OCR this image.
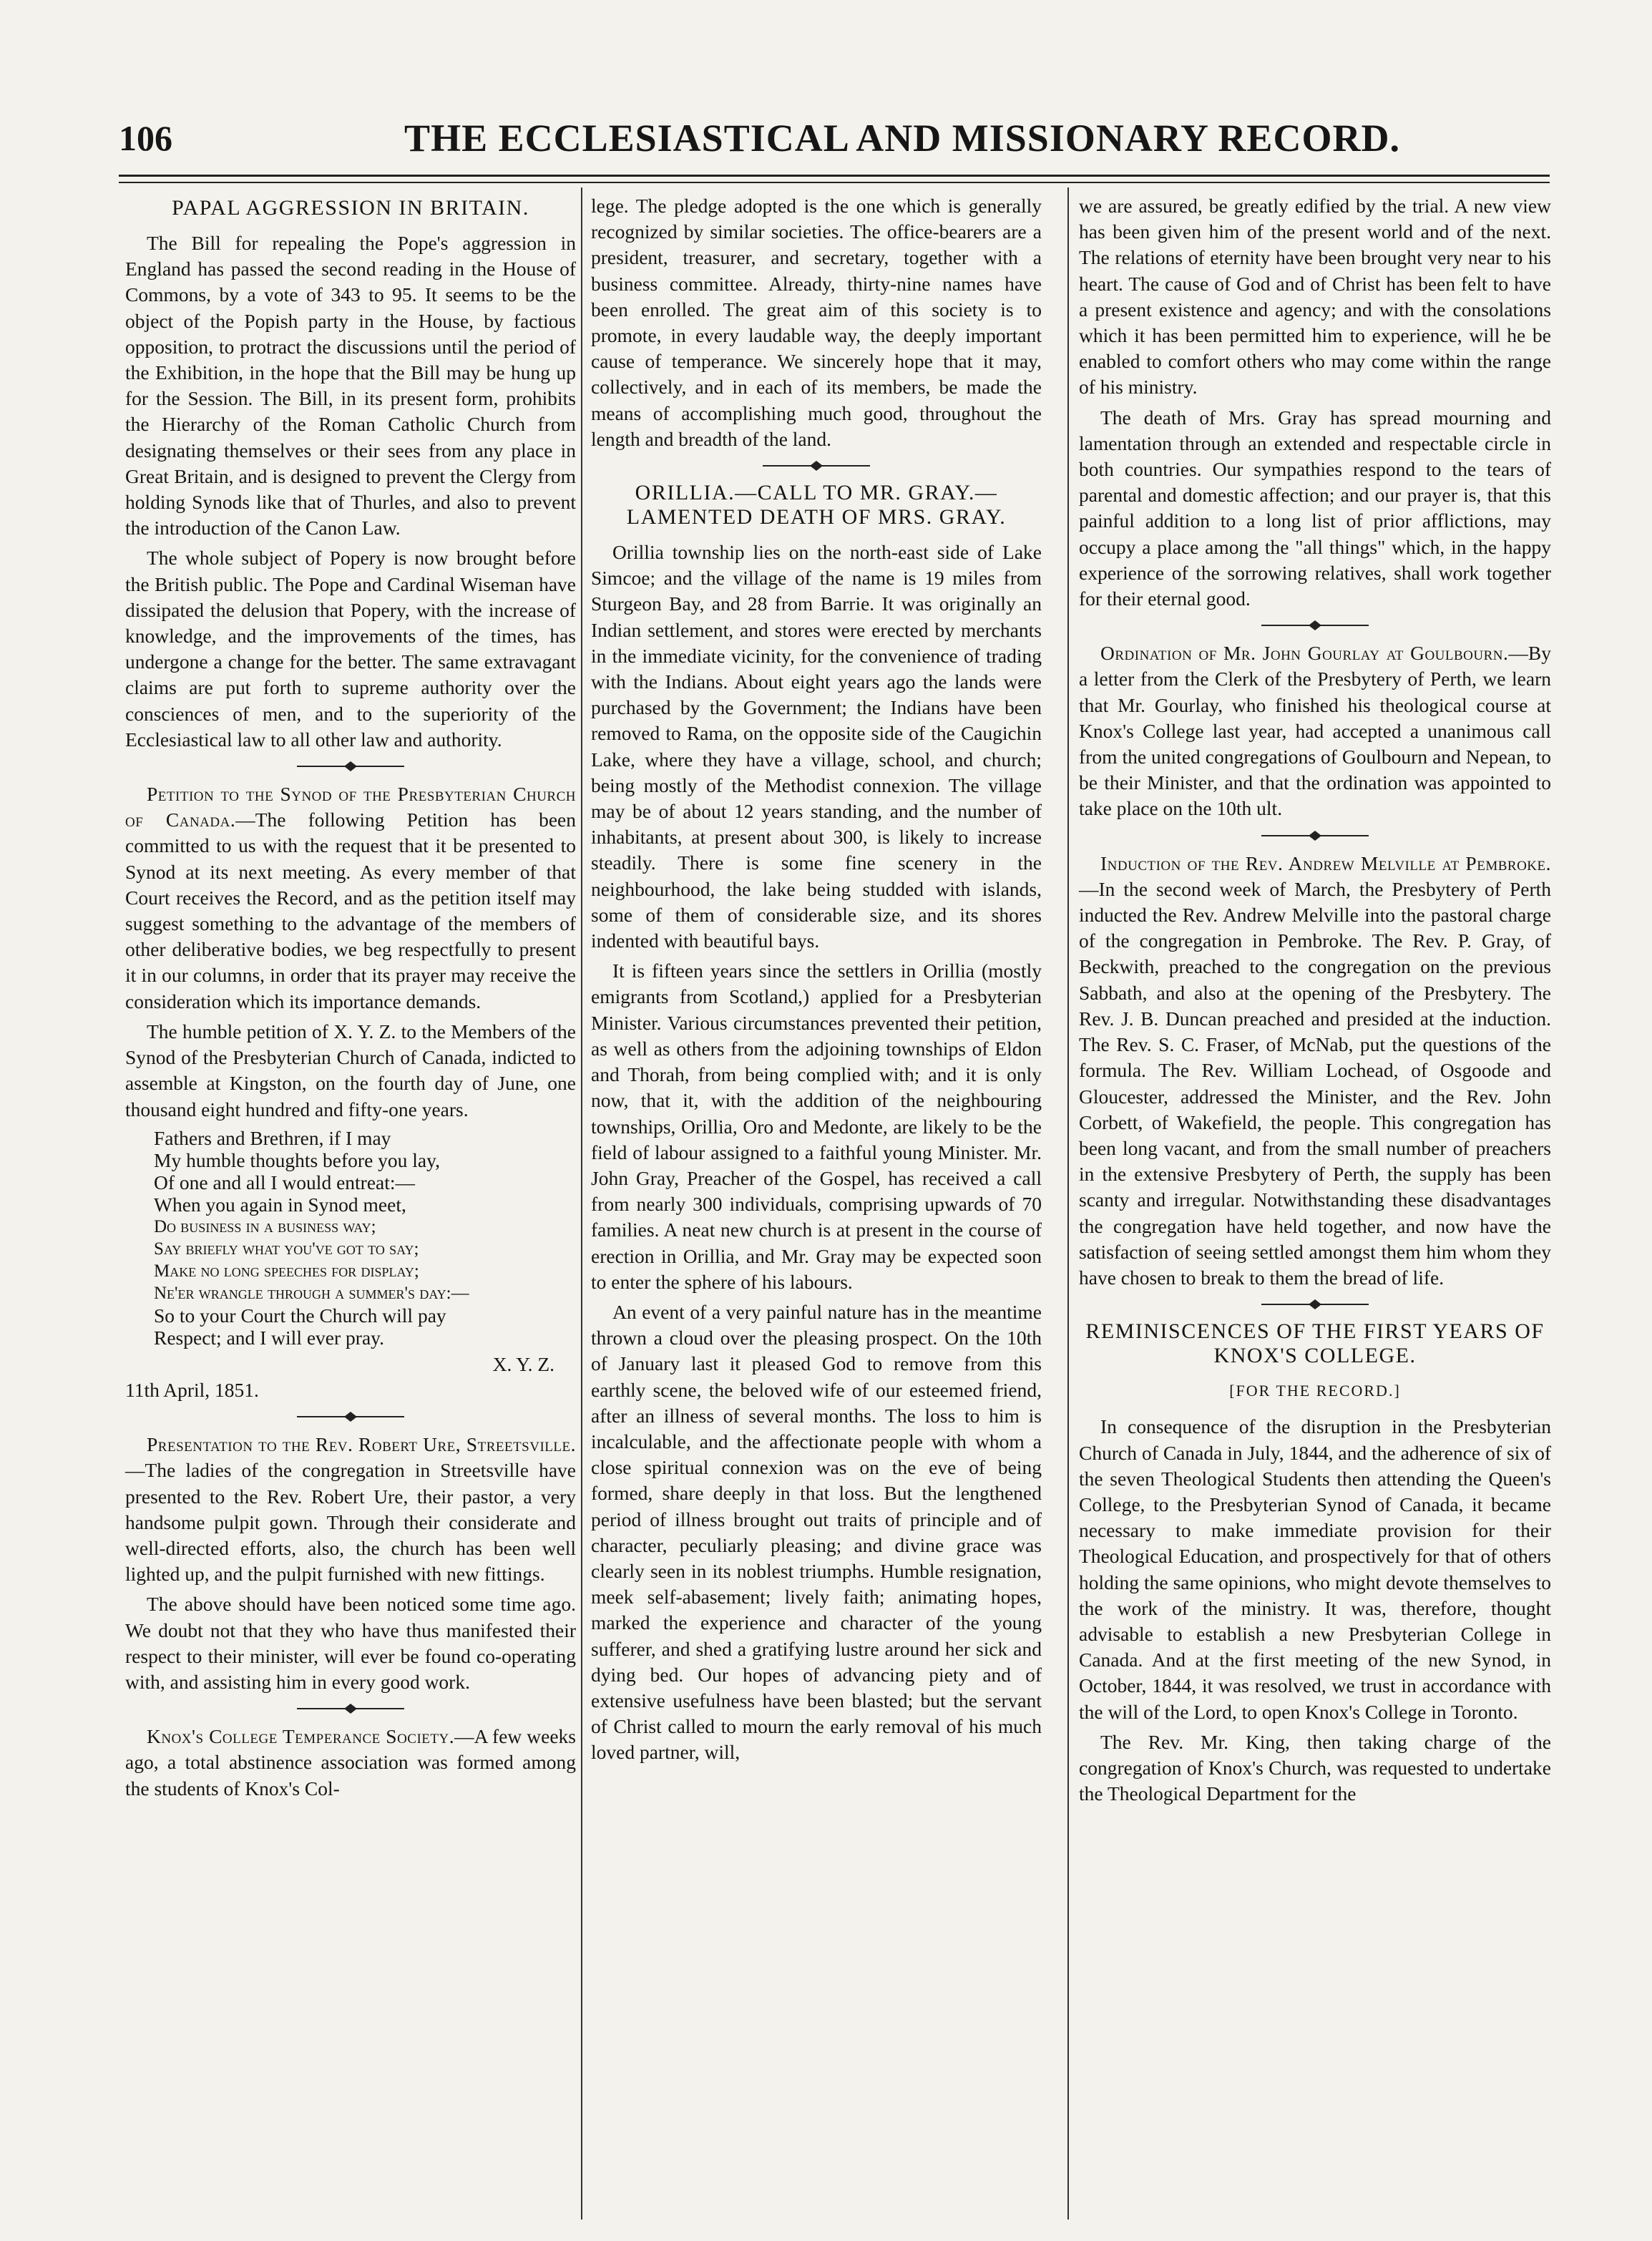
106	THE ECCLESIASTICAL AND MISSIONARY RECORD.
PAPAL AGGRESSION IN BRITAIN.

The Bill for repealing the Pope's aggression in England has passed the second reading in the House of Commons, by a vote of 343 to 95. It seems to be the object of the Popish party in the House, by factious opposition, to protract the discussions until the period of the Exhibition, in the hope that the Bill may be hung up for the Session. The Bill, in its present form, prohibits the Hierarchy of the Roman Catholic Church from designating themselves or their sees from any place in Great Britain, and is designed to prevent the Clergy from holding Synods like that of Thurles, and also to prevent the introduction of the Canon Law.

The whole subject of Popery is now brought before the British public. The Pope and Cardinal Wiseman have dissipated the delusion that Popery, with the increase of knowledge, and the improvements of the times, has undergone a change for the better. The same extravagant claims are put forth to supreme authority over the consciences of men, and to the superiority of the Ecclesiastical law to all other law and authority.

Petition to the Synod of the Presbyterian Church of Canada.—The following Petition has been committed to us with the request that it be presented to Synod at its next meeting. As every member of that Court receives the Record, and as the petition itself may suggest something to the advantage of the members of other deliberative bodies, we beg respectfully to present it in our columns, in order that its prayer may receive the consideration which its importance demands.

The humble petition of X. Y. Z. to the Members of the Synod of the Presbyterian Church of Canada, indicted to assemble at Kingston, on the fourth day of June, one thousand eight hundred and fifty-one years.

Fathers and Brethren, if I may
My humble thoughts before you lay,
Of one and all I would entreat:—
When you again in Synod meet,
Do business in a business way;
Say briefly what you've got to say;
Make no long speeches for display;
Ne'er wrangle through a summer's day:—
So to your Court the Church will pay
Respect; and I will ever pray.
X. Y. Z.
11th April, 1851.

Presentation to the Rev. Robert Ure, Streetsville.—The ladies of the congregation in Streetsville have presented to the Rev. Robert Ure, their pastor, a very handsome pulpit gown. Through their considerate and well-directed efforts, also, the church has been well lighted up, and the pulpit furnished with new fittings.

The above should have been noticed some time ago. We doubt not that they who have thus manifested their respect to their minister, will ever be found co-operating with, and assisting him in every good work.

Knox's College Temperance Society.—A few weeks ago, a total abstinence association was formed among the students of Knox's Col-

lege. The pledge adopted is the one which is generally recognized by similar societies. The office-bearers are a president, treasurer, and secretary, together with a business committee. Already, thirty-nine names have been enrolled. The great aim of this society is to promote, in every laudable way, the deeply important cause of temperance. We sincerely hope that it may, collectively, and in each of its members, be made the means of accomplishing much good, throughout the length and breadth of the land.

ORILLIA.—CALL TO MR. GRAY.—LAMENTED DEATH OF MRS. GRAY.

Orillia township lies on the north-east side of Lake Simcoe; and the village of the name is 19 miles from Sturgeon Bay, and 28 from Barrie. It was originally an Indian settlement, and stores were erected by merchants in the immediate vicinity, for the convenience of trading with the Indians. About eight years ago the lands were purchased by the Government; the Indians have been removed to Rama, on the opposite side of the Caugichin Lake, where they have a village, school, and church; being mostly of the Methodist connexion. The village may be of about 12 years standing, and the number of inhabitants, at present about 300, is likely to increase steadily. There is some fine scenery in the neighbourhood, the lake being studded with islands, some of them of considerable size, and its shores indented with beautiful bays.

It is fifteen years since the settlers in Orillia (mostly emigrants from Scotland,) applied for a Presbyterian Minister. Various circumstances prevented their petition, as well as others from the adjoining townships of Eldon and Thorah, from being complied with; and it is only now, that it, with the addition of the neighbouring townships, Orillia, Oro and Medonte, are likely to be the field of labour assigned to a faithful young Minister. Mr. John Gray, Preacher of the Gospel, has received a call from nearly 300 individuals, comprising upwards of 70 families. A neat new church is at present in the course of erection in Orillia, and Mr. Gray may be expected soon to enter the sphere of his labours.

An event of a very painful nature has in the meantime thrown a cloud over the pleasing prospect. On the 10th of January last it pleased God to remove from this earthly scene, the beloved wife of our esteemed friend, after an illness of several months. The loss to him is incalculable, and the affectionate people with whom a close spiritual connexion was on the eve of being formed, share deeply in that loss. But the lengthened period of illness brought out traits of principle and of character, peculiarly pleasing; and divine grace was clearly seen in its noblest triumphs. Humble resignation, meek self-abasement; lively faith; animating hopes, marked the experience and character of the young sufferer, and shed a gratifying lustre around her sick and dying bed. Our hopes of advancing piety and of extensive usefulness have been blasted; but the servant of Christ called to mourn the early removal of his much loved partner, will,

we are assured, be greatly edified by the trial. A new view has been given him of the present world and of the next. The relations of eternity have been brought very near to his heart. The cause of God and of Christ has been felt to have a present existence and agency; and with the consolations which it has been permitted him to experience, will he be enabled to comfort others who may come within the range of his ministry.

The death of Mrs. Gray has spread mourning and lamentation through an extended and respectable circle in both countries. Our sympathies respond to the tears of parental and domestic affection; and our prayer is, that this painful addition to a long list of prior afflictions, may occupy a place among the "all things" which, in the happy experience of the sorrowing relatives, shall work together for their eternal good.

Ordination of Mr. John Gourlay at Goulbourn.—By a letter from the Clerk of the Presbytery of Perth, we learn that Mr. Gourlay, who finished his theological course at Knox's College last year, had accepted a unanimous call from the united congregations of Goulbourn and Nepean, to be their Minister, and that the ordination was appointed to take place on the 10th ult.

Induction of the Rev. Andrew Melville at Pembroke.—In the second week of March, the Presbytery of Perth inducted the Rev. Andrew Melville into the pastoral charge of the congregation in Pembroke. The Rev. P. Gray, of Beckwith, preached to the congregation on the previous Sabbath, and also at the opening of the Presbytery. The Rev. J. B. Duncan preached and presided at the induction. The Rev. S. C. Fraser, of McNab, put the questions of the formula. The Rev. William Lochead, of Osgoode and Gloucester, addressed the Minister, and the Rev. John Corbett, of Wakefield, the people. This congregation has been long vacant, and from the small number of preachers in the extensive Presbytery of Perth, the supply has been scanty and irregular. Notwithstanding these disadvantages the congregation have held together, and now have the satisfaction of seeing settled amongst them him whom they have chosen to break to them the bread of life.

REMINISCENCES OF THE FIRST YEARS OF KNOX'S COLLEGE.
[FOR THE RECORD.]

In consequence of the disruption in the Presbyterian Church of Canada in July, 1844, and the adherence of six of the seven Theological Students then attending the Queen's College, to the Presbyterian Synod of Canada, it became necessary to make immediate provision for their Theological Education, and prospectively for that of others holding the same opinions, who might devote themselves to the work of the ministry. It was, therefore, thought advisable to establish a new Presbyterian College in Canada. And at the first meeting of the new Synod, in October, 1844, it was resolved, we trust in accordance with the will of the Lord, to open Knox's College in Toronto.

The Rev. Mr. King, then taking charge of the congregation of Knox's Church, was requested to undertake the Theological Department for the
